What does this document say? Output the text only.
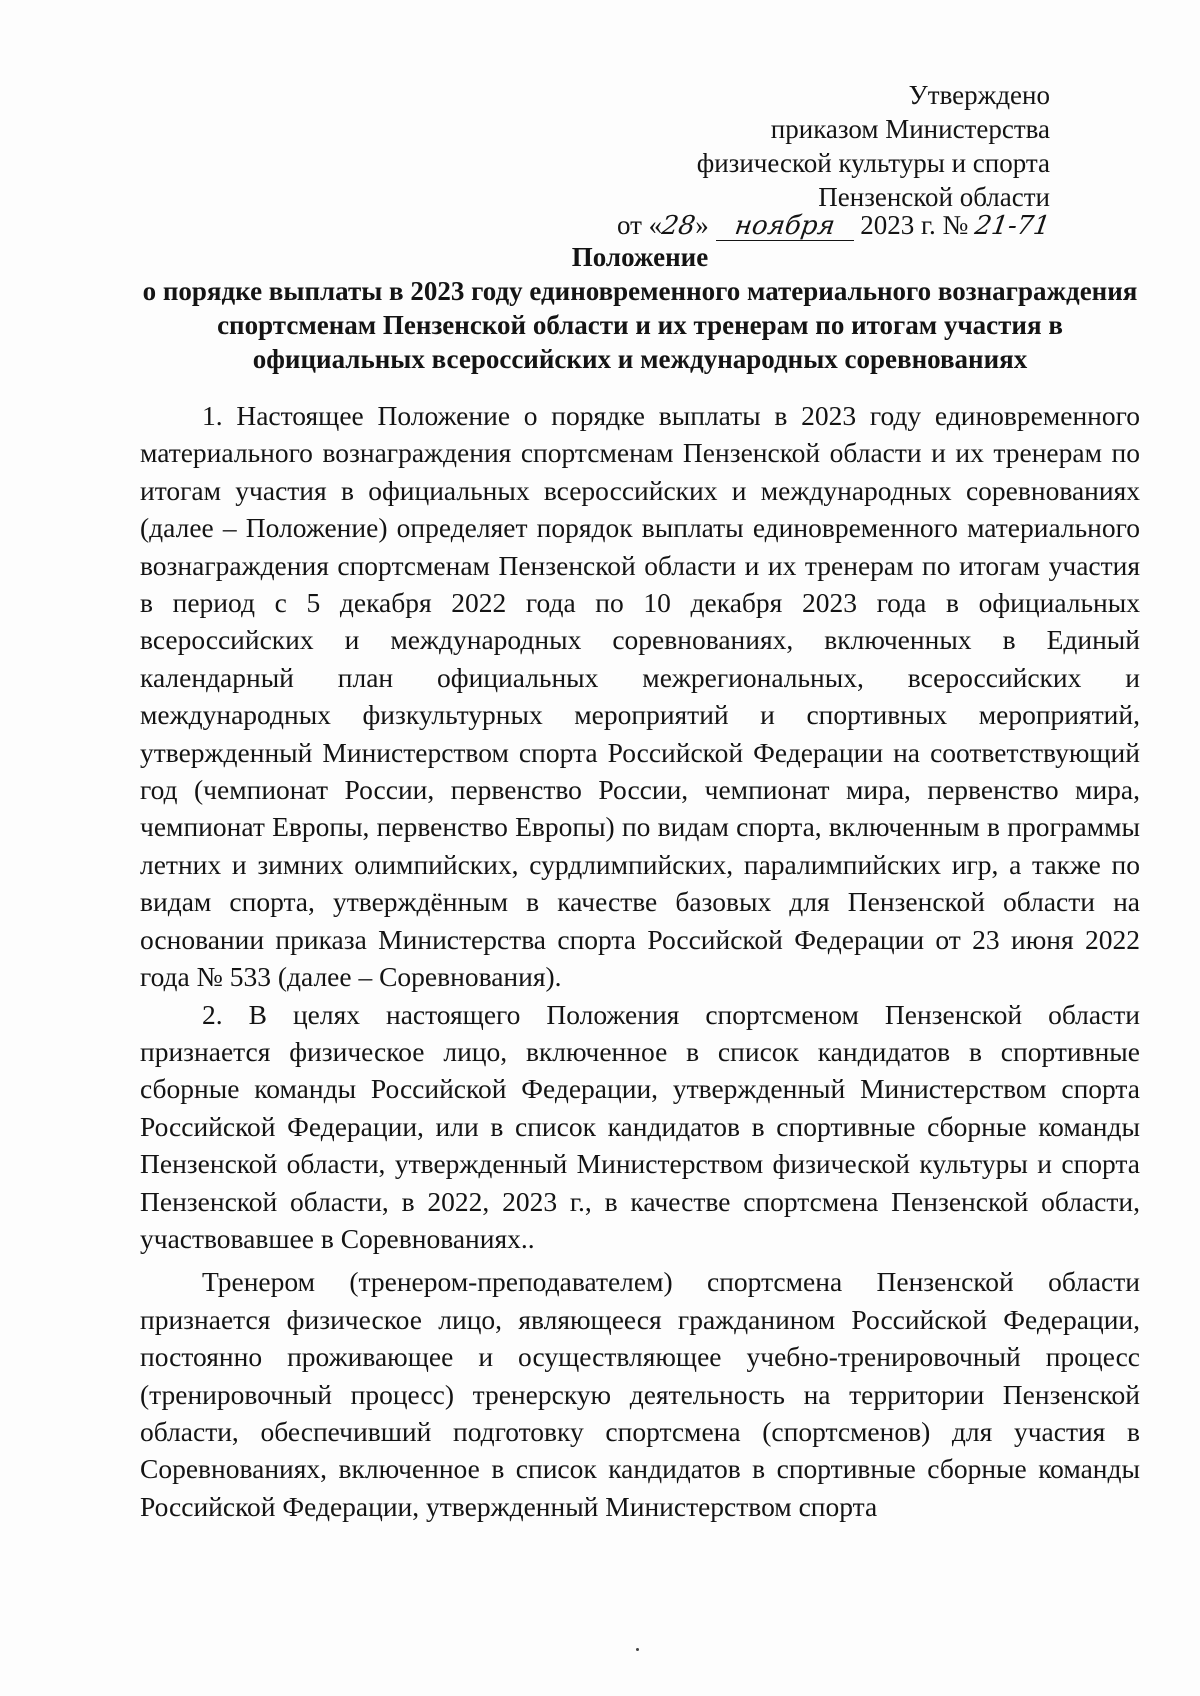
Утверждено
приказом Министерства
физической культуры и спорта
Пензенской области
от «28» ноября 2023 г. № 21-71
Положение
о порядке выплаты в 2023 году единовременного материального вознаграждения спортсменам Пензенской области и их тренерам по итогам участия в официальных всероссийских и международных соревнованиях

1. Настоящее Положение о порядке выплаты в 2023 году единовременного материального вознаграждения спортсменам Пензенской области и их тренерам по итогам участия в официальных всероссийских и международных соревнованиях (далее – Положение) определяет порядок выплаты единовременного материального вознаграждения спортсменам Пензенской области и их тренерам по итогам участия в период с 5 декабря 2022 года по 10 декабря 2023 года в официальных всероссийских и международных соревнованиях, включенных в Единый календарный план официальных межрегиональных, всероссийских и международных физкультурных мероприятий и спортивных мероприятий, утвержденный Министерством спорта Российской Федерации на соответствующий год (чемпионат России, первенство России, чемпионат мира, первенство мира, чемпионат Европы, первенство Европы) по видам спорта, включенным в программы летних и зимних олимпийских, сурдлимпийских, паралимпийских игр, а также по видам спорта, утверждённым в качестве базовых для Пензенской области на основании приказа Министерства спорта Российской Федерации от 23 июня 2022 года № 533 (далее – Соревнования).

2. В целях настоящего Положения спортсменом Пензенской области признается физическое лицо, включенное в список кандидатов в спортивные сборные команды Российской Федерации, утвержденный Министерством спорта Российской Федерации, или в список кандидатов в спортивные сборные команды Пензенской области, утвержденный Министерством физической культуры и спорта Пензенской области, в 2022, 2023 г., в качестве спортсмена Пензенской области, участвовавшее в Соревнованиях..

Тренером (тренером-преподавателем) спортсмена Пензенской области признается физическое лицо, являющееся гражданином Российской Федерации, постоянно проживающее и осуществляющее учебно-тренировочный процесс (тренировочный процесс) тренерскую деятельность на территории Пензенской области, обеспечивший подготовку спортсмена (спортсменов) для участия в Соревнованиях, включенное в список кандидатов в спортивные сборные команды Российской Федерации, утвержденный Министерством спорта
